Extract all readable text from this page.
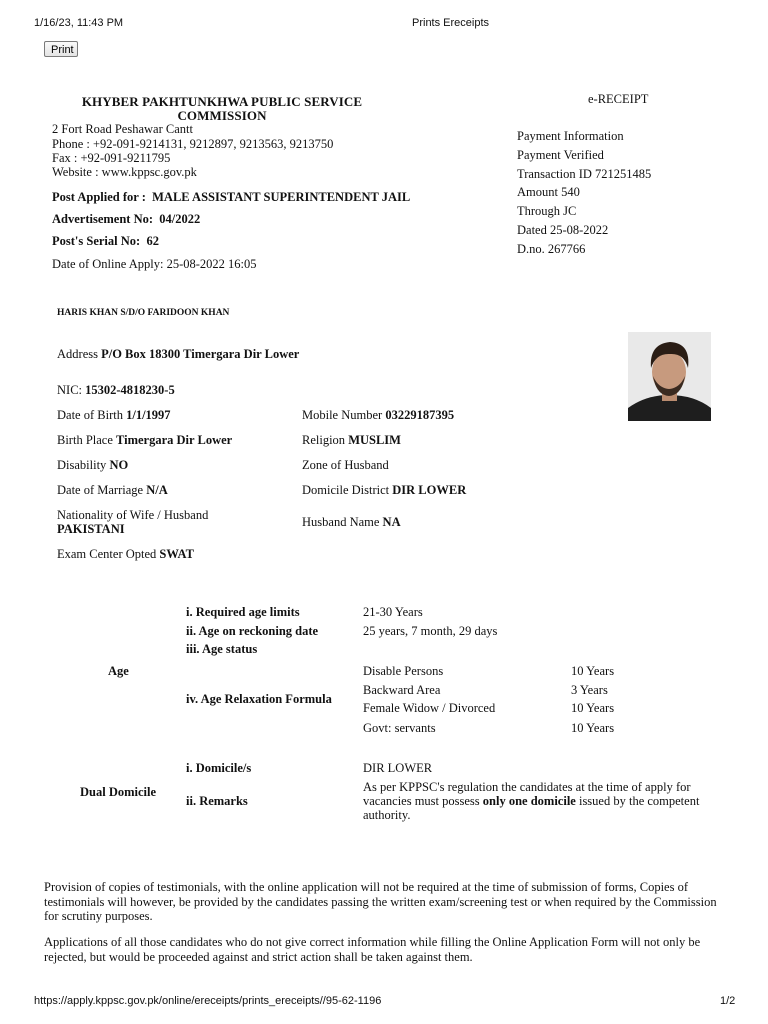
1/16/23, 11:43 PM	Prints Ereceipts
Print
KHYBER PAKHTUNKHWA PUBLIC SERVICE COMMISSION
2 Fort Road Peshawar Cantt
Phone : +92-091-9214131, 9212897, 9213563, 9213750
Fax : +92-091-9211795
Website : www.kppsc.gov.pk
e-RECEIPT
Payment Information
Payment Verified
Transaction ID 721251485
Amount 540
Through JC
Dated 25-08-2022
D.no. 267766
Post Applied for : MALE ASSISTANT SUPERINTENDENT JAIL
Advertisement No: 04/2022
Post's Serial No: 62
Date of Online Apply: 25-08-2022 16:05
HARIS KHAN S/D/O FARIDOON KHAN
Address P/O Box 18300 Timergara Dir Lower
NIC: 15302-4818230-5
Date of Birth 1/1/1997	Mobile Number 03229187395
Birth Place Timergara Dir Lower	Religion MUSLIM
Disability NO	Zone of Husband
Date of Marriage N/A	Domicile District DIR LOWER
Nationality of Wife / Husband
PAKISTANI	Husband Name NA
Exam Center Opted SWAT
Age
i. Required age limits	21-30 Years
ii. Age on reckoning date	25 years, 7 month, 29 days
iii. Age status
iv. Age Relaxation Formula
Disable Persons	10 Years
Backward Area	3 Years
Female Widow / Divorced	10 Years
Govt: servants	10 Years
Dual Domicile
i. Domicile/s	DIR LOWER
ii. Remarks
As per KPPSC's regulation the candidates at the time of apply for vacancies must possess only one domicile issued by the competent authority.
Provision of copies of testimonials, with the online application will not be required at the time of submission of forms, Copies of testimonials will however, be provided by the candidates passing the written exam/screening test or when required by the Commission for scrutiny purposes.
Applications of all those candidates who do not give correct information while filling the Online Application Form will not only be rejected, but would be proceeded against and strict action shall be taken against them.
https://apply.kppsc.gov.pk/online/ereceipts/prints_ereceipts//95-62-1196	1/2
